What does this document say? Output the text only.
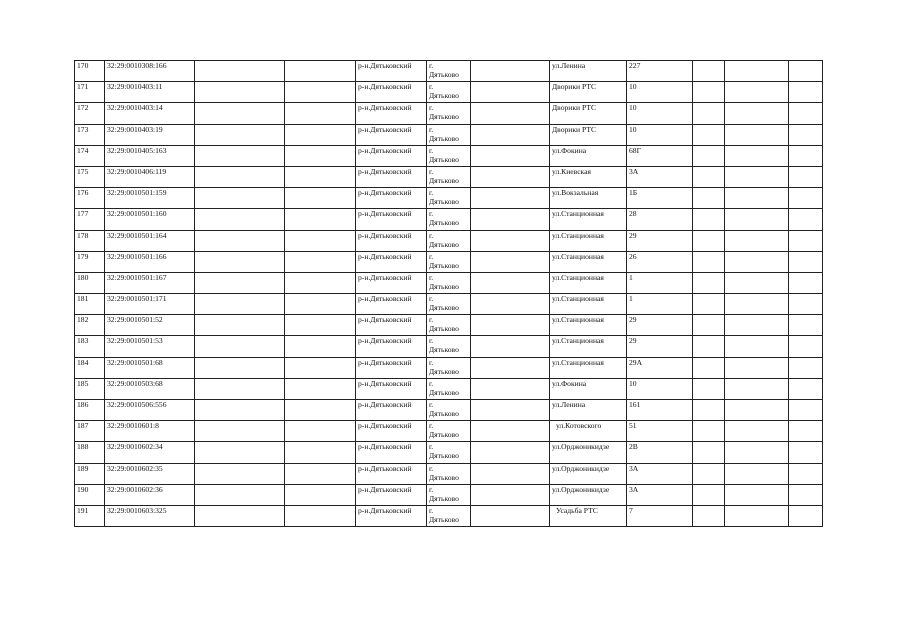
170	32:29:0010308:166			р-н.Дятьковский	г.
Дятьково		ул.Ленина	227			
171	32:29:0010403:11			р-н.Дятьковский	г.
Дятьково		Дворики РТС	10			
172	32:29:0010403:14			р-н.Дятьковский	г.
Дятьково		Дворики РТС	10			
173	32:29:0010403:19			р-н.Дятьковский	г.
Дятьково		Дворики РТС	10			
174	32:29:0010405:163			р-н.Дятьковский	г.
Дятьково		ул.Фокина	68Г			
175	32:29:0010406:119			р-н.Дятьковский	г.
Дятьково		ул.Киевская	3А			
176	32:29:0010501:159			р-н.Дятьковский	г.
Дятьково		ул.Вокзальная	1Б			
177	32:29:0010501:160			р-н.Дятьковский	г.
Дятьково		ул.Станционная	28			
178	32:29:0010501:164			р-н.Дятьковский	г.
Дятьково		ул.Станционная	29			
179	32:29:0010501:166			р-н.Дятьковский	г.
Дятьково		ул.Станционная	26			
180	32:29:0010501:167			р-н.Дятьковский	г.
Дятьково		ул.Станционная	1			
181	32:29:0010501:171			р-н.Дятьковский	г.
Дятьково		ул.Станционная	1			
182	32:29:0010501:52			р-н.Дятьковский	г.
Дятьково		ул.Станционная	29			
183	32:29:0010501:53			р-н.Дятьковский	г.
Дятьково		ул.Станционная	29			
184	32:29:0010501:68			р-н.Дятьковский	г.
Дятьково		ул.Станционная	29А			
185	32:29:0010503:68			р-н.Дятьковский	г.
Дятьково		ул.Фокина	10			
186	32:29:0010506:556			р-н.Дятьковский	г.
Дятьково		ул.Ленина	161			
187	32:29:0010601:8			р-н.Дятьковский	г.
Дятьково		ул.Котовского	51			
188	32:29:0010602:34			р-н.Дятьковский	г.
Дятьково		ул.Орджоникидзе	2В			
189	32:29:0010602:35			р-н.Дятьковский	г.
Дятьково		ул.Орджоникидзе	3А			
190	32:29:0010602:36			р-н.Дятьковский	г.
Дятьково		ул.Орджоникидзе	3А			
191	32:29:0010603:325			р-н.Дятьковский	г.
Дятьково		Усадьба РТС	7			
